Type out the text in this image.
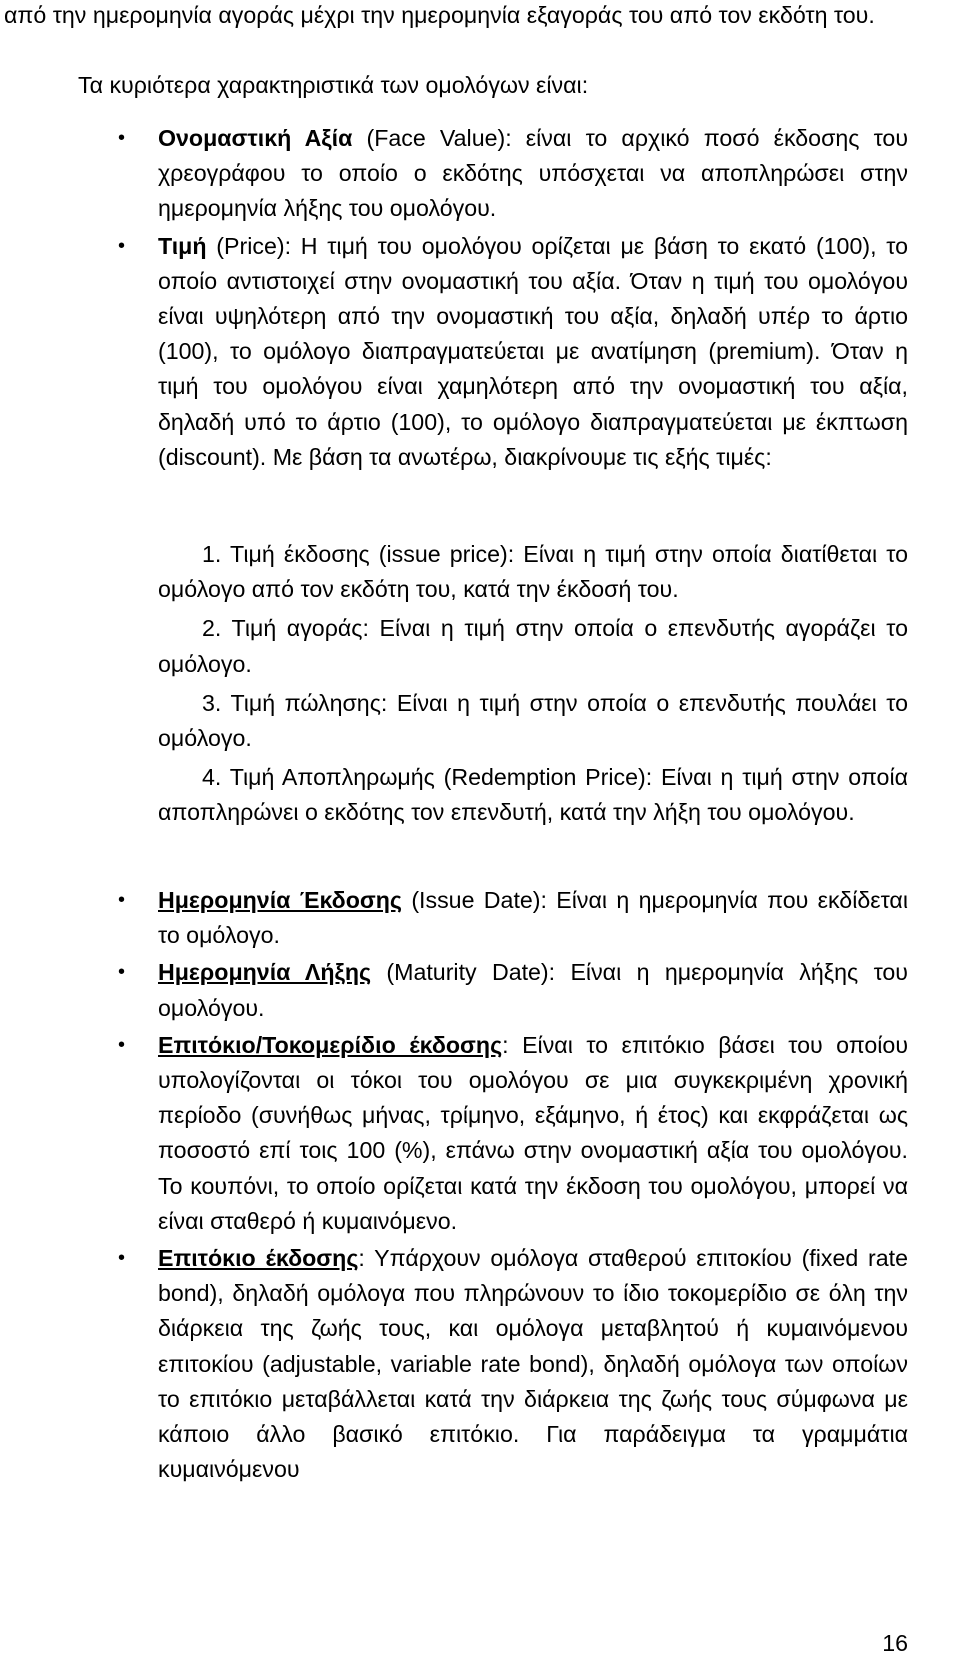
από την ημερομηνία αγοράς μέχρι την ημερομηνία εξαγοράς του από τον εκδότη του.

Τα κυριότερα χαρακτηριστικά των ομολόγων είναι:

• Ονομαστική Αξία (Face Value): είναι το αρχικό ποσό έκδοσης του χρεογράφου το οποίο ο εκδότης υπόσχεται να αποπληρώσει στην ημερομηνία λήξης του ομολόγου.
• Τιμή (Price): Η τιμή του ομολόγου ορίζεται με βάση το εκατό (100), το οποίο αντιστοιχεί στην ονομαστική του αξία. Όταν η τιμή του ομολόγου είναι υψηλότερη από την ονομαστική του αξία, δηλαδή υπέρ το άρτιο (100), το ομόλογο διαπραγματεύεται με ανατίμηση (premium). Όταν η τιμή του ομολόγου είναι χαμηλότερη από την ονομαστική του αξία, δηλαδή υπό το άρτιο (100), το ομόλογο διαπραγματεύεται με έκπτωση (discount). Με βάση τα ανωτέρω, διακρίνουμε τις εξής τιμές:
1. Τιμή έκδοσης (issue price): Είναι η τιμή στην οποία διατίθεται το ομόλογο από τον εκδότη του, κατά την έκδοσή του.
2. Τιμή αγοράς: Είναι η τιμή στην οποία ο επενδυτής αγοράζει το ομόλογο.
3. Τιμή πώλησης: Είναι η τιμή στην οποία ο επενδυτής πουλάει το ομόλογο.
4. Τιμή Αποπληρωμής (Redemption Price): Είναι η τιμή στην οποία αποπληρώνει ο εκδότης τον επενδυτή, κατά την λήξη του ομολόγου.
• Ημερομηνία Έκδοσης (Issue Date): Είναι η ημερομηνία που εκδίδεται το ομόλογο.
• Ημερομηνία Λήξης (Maturity Date): Είναι η ημερομηνία λήξης του ομολόγου.
• Επιτόκιο/Τοκομερίδιο έκδοσης: Είναι το επιτόκιο βάσει του οποίου υπολογίζονται οι τόκοι του ομολόγου σε μια συγκεκριμένη χρονική περίοδο (συνήθως μήνας, τρίμηνο, εξάμηνο, ή έτος) και εκφράζεται ως ποσοστό επί τοις 100 (%), επάνω στην ονομαστική αξία του ομολόγου. Το κουπόνι, το οποίο ορίζεται κατά την έκδοση του ομολόγου, μπορεί να είναι σταθερό ή κυμαινόμενο.
• Επιτόκιο έκδοσης: Υπάρχουν ομόλογα σταθερού επιτοκίου (fixed rate bond), δηλαδή ομόλογα που πληρώνουν το ίδιο τοκομερίδιο σε όλη την διάρκεια της ζωής τους, και ομόλογα μεταβλητού ή κυμαινόμενου επιτοκίου (adjustable, variable rate bond), δηλαδή ομόλογα των οποίων το επιτόκιο μεταβάλλεται κατά την διάρκεια της ζωής τους σύμφωνα με κάποιο άλλο βασικό επιτόκιο. Για παράδειγμα τα γραμμάτια κυμαινόμενου
16
